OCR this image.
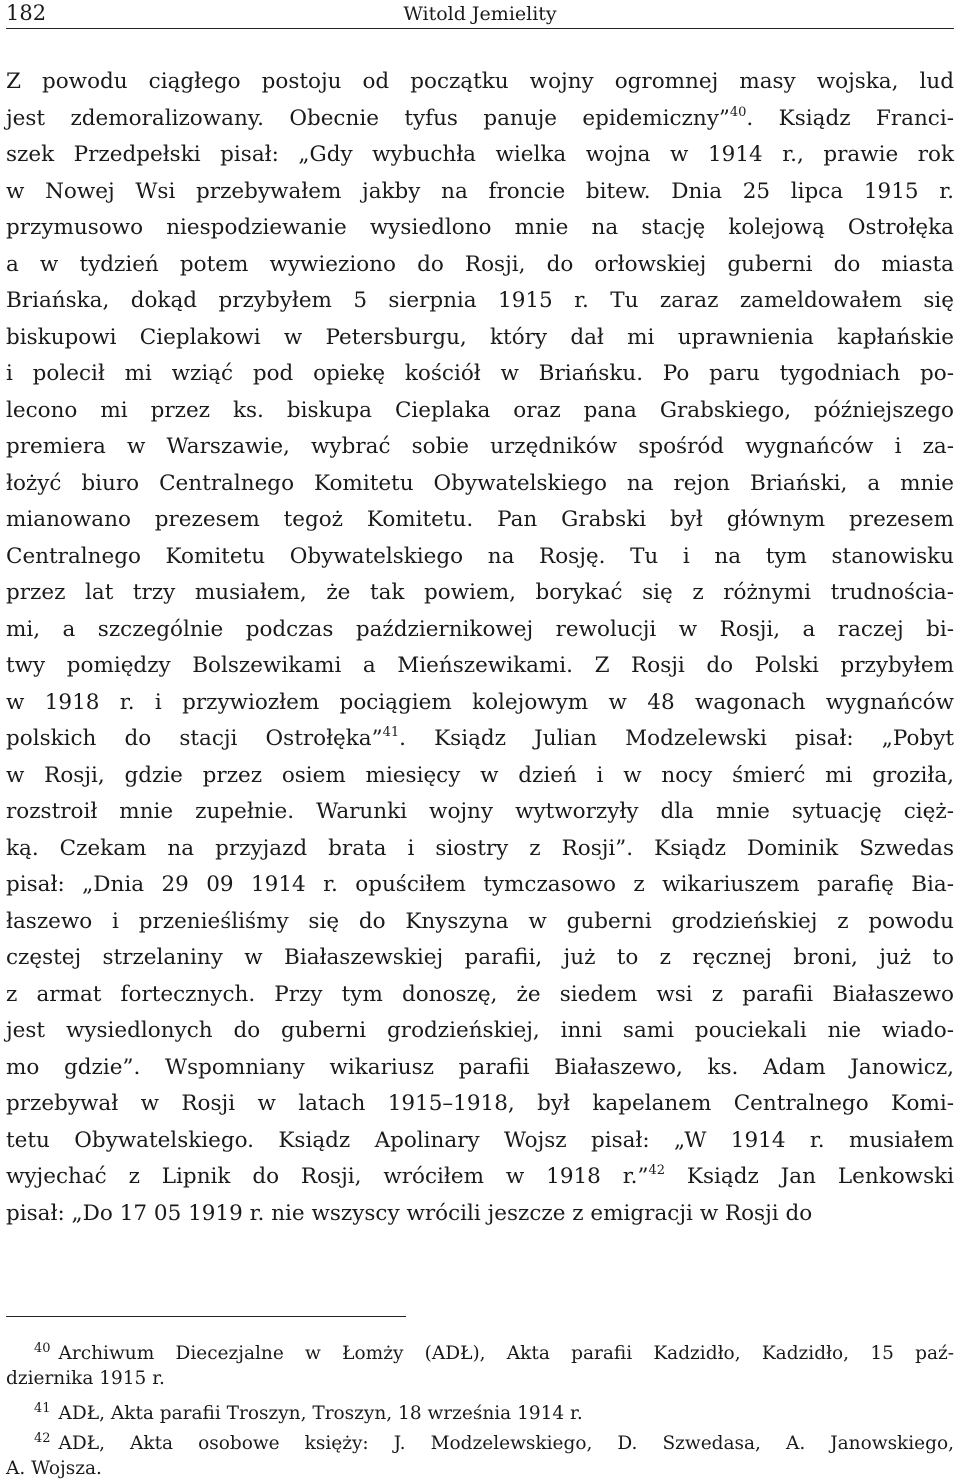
182	Witold Jemielity
Z powodu ciągłego postoju od początku wojny ogromnej masy wojska, lud
jest zdemoralizowany. Obecnie tyfus panuje epidemiczny”$^{40}$. Ksiądz Franci-
szek Przedpełski pisał: „Gdy wybuchła wielka wojna w 1914 r., prawie rok
w Nowej Wsi przebywałem jakby na froncie bitew. Dnia 25 lipca 1915 r.
przymusowo niespodziewanie wysiedlono mnie na stację kolejową Ostrołęka
a w tydzień potem wywieziono do Rosji, do orłowskiej guberni do miasta
Briańska, dokąd przybyłem 5 sierpnia 1915 r. Tu zaraz zameldowałem się
biskupowi Cieplakowi w Petersburgu, który dał mi uprawnienia kapłańskie
i polecił mi wziąć pod opiekę kościół w Briańsku. Po paru tygodniach po-
lecono mi przez ks. biskupa Cieplaka oraz pana Grabskiego, późniejszego
premiera w Warszawie, wybrać sobie urzędników spośród wygnańców i za-
łożyć biuro Centralnego Komitetu Obywatelskiego na rejon Briański, a mnie
mianowano prezesem tegoż Komitetu. Pan Grabski był głównym prezesem
Centralnego Komitetu Obywatelskiego na Rosję. Tu i na tym stanowisku
przez lat trzy musiałem, że tak powiem, borykać się z różnymi trudnościa-
mi, a szczególnie podczas październikowej rewolucji w Rosji, a raczej bi-
twy pomiędzy Bolszewikami a Mieńszewikami. Z Rosji do Polski przybyłem
w 1918 r. i przywiozłem pociągiem kolejowym w 48 wagonach wygnańców
polskich do stacji Ostrołęka”$^{41}$. Ksiądz Julian Modzelewski pisał: „Pobyt
w Rosji, gdzie przez osiem miesięcy w dzień i w nocy śmierć mi groziła,
rozstroił mnie zupełnie. Warunki wojny wytworzyły dla mnie sytuację cięż-
ką. Czekam na przyjazd brata i siostry z Rosji”. Ksiądz Dominik Szwedas
pisał: „Dnia 29 09 1914 r. opuściłem tymczasowo z wikariuszem parafię Bia-
łaszewo i przenieśliśmy się do Knyszyna w guberni grodzieńskiej z powodu
częstej strzelaniny w Białaszewskiej parafii, już to z ręcznej broni, już to
z armat fortecznych. Przy tym donoszę, że siedem wsi z parafii Białaszewo
jest wysiedlonych do guberni grodzieńskiej, inni sami pouciekali nie wiado-
mo gdzie”. Wspomniany wikariusz parafii Białaszewo, ks. Adam Janowicz,
przebywał w Rosji w latach 1915–1918, był kapelanem Centralnego Komi-
tetu Obywatelskiego. Ksiądz Apolinary Wojsz pisał: „W 1914 r. musiałem
wyjechać z Lipnik do Rosji, wróciłem w 1918 r.”$^{42}$ Ksiądz Jan Lenkowski
pisał: „Do 17 05 1919 r. nie wszyscy wrócili jeszcze z emigracji w Rosji do
$^{40}$ Archiwum Diecezjalne w Łomży (ADŁ), Akta parafii Kadzidło, Kadzidło, 15 paź-
dziernika 1915 r.
$^{41}$ ADŁ, Akta parafii Troszyn, Troszyn, 18 września 1914 r.
$^{42}$ ADŁ, Akta osobowe księży: J. Modzelewskiego, D. Szwedasa, A. Janowskiego,
A. Wojsza.
